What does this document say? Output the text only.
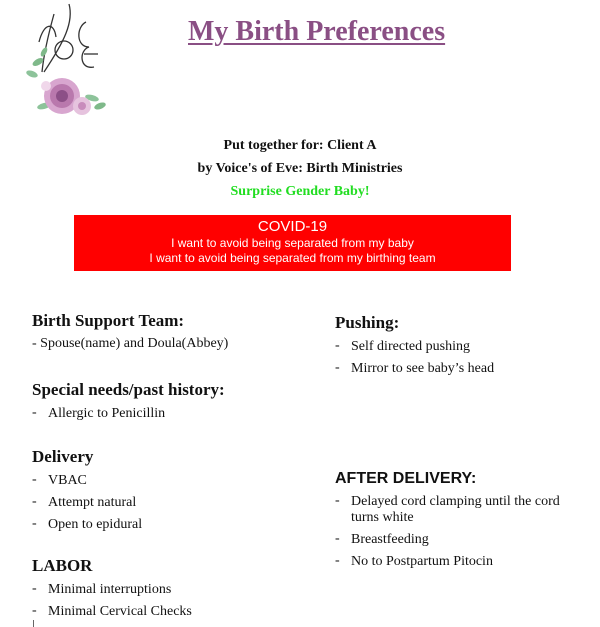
My Birth Preferences
Put together for: Client A
by Voice's of Eve: Birth Ministries
Surprise Gender Baby!
COVID-19
I want to avoid being separated from my baby
I want to avoid being separated from my birthing team
Birth Support Team:
- Spouse(name) and Doula(Abbey)
Special needs/past history:
- Allergic to Penicillin
Delivery
- VBAC
- Attempt natural
- Open to epidural
LABOR
- Minimal interruptions
- Minimal Cervical Checks
Pushing:
- Self directed pushing
- Mirror to see baby’s head
AFTER DELIVERY:
- Delayed cord clamping until the cord turns white
- Breastfeeding
- No to Postpartum Pitocin
